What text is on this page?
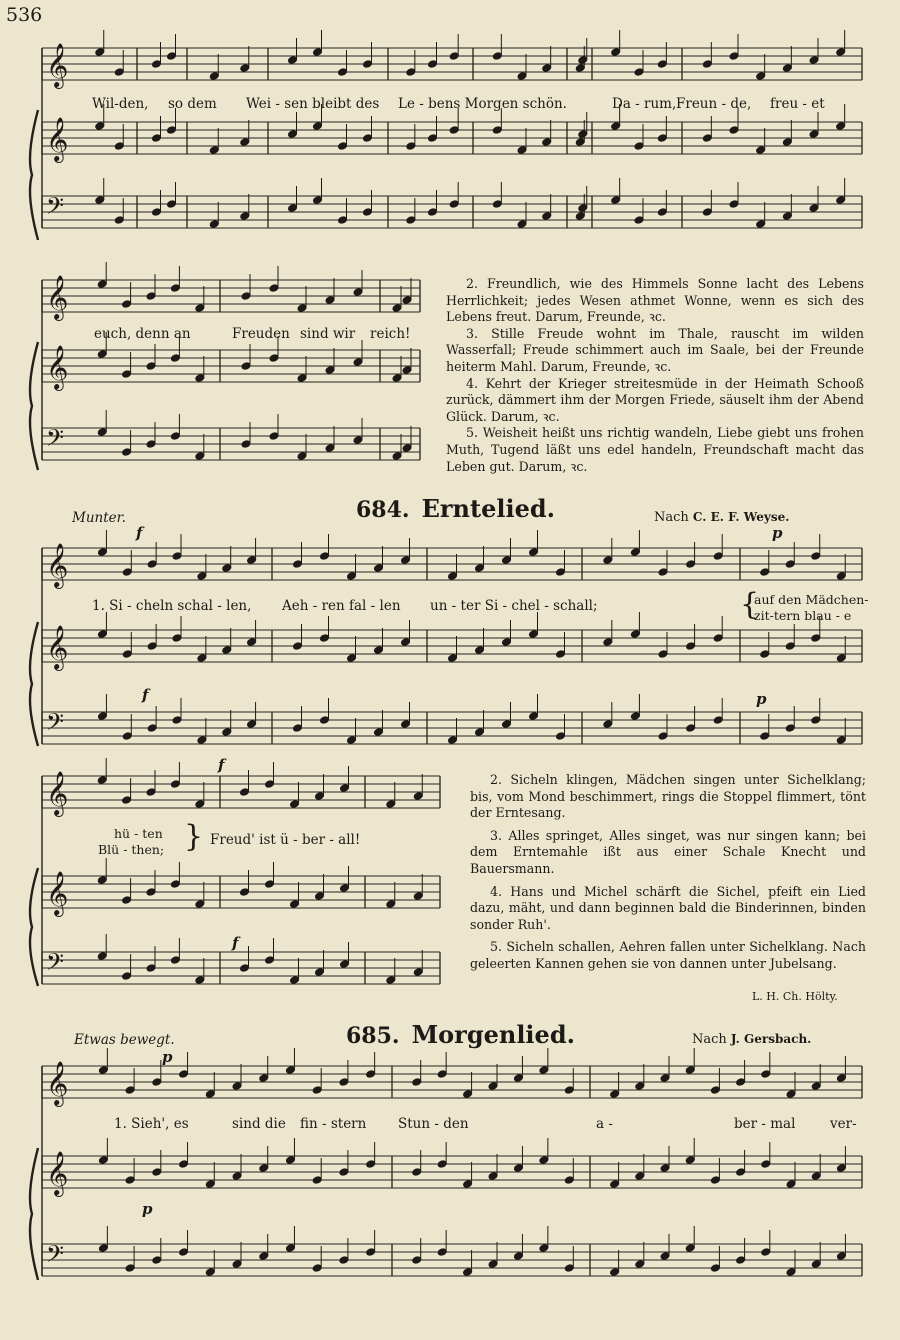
536
𝄞
𝄞
𝄢
𝄞
𝄞
𝄢
𝄞
𝄞
𝄢
𝄞
𝄞
𝄢
𝄞
𝄞
𝄢
Wil-den, so dem Wei - sen bleibt des Le - bens Morgen schön.	Da - rum, Freun - de, freu - et
euch, denn an	Freuden sind wir reich!

2. Freundlich, wie des Himmels Sonne lacht des Lebens Herrlichkeit; jedes Wesen athmet Wonne, wenn es sich des Lebens freut. Darum, Freunde, ꝛc.

3. Stille Freude wohnt im Thale, rauscht im wilden Wasserfall; Freude schimmert auch im Saale, bei der Freunde heiterm Mahl. Darum, Freunde, ꝛc.

4. Kehrt der Krieger streitesmüde in der Heimath Schooß zurück, dämmert ihm der Morgen Friede, säuselt ihm der Abend Glück. Darum, ꝛc.

5. Weisheit heißt uns richtig wandeln, Liebe giebt uns frohen Muth, Tugend läßt uns edel handeln, Freundschaft macht das Leben gut. Darum, ꝛc.

Munter.	684. Erntelied.	Nach C. E. F. Weyse.
f	p
f	p
f
f
1. Si - cheln schal - len, Aeh - ren fal - len un - ter Si - chel - schall;	{
auf den Mädchen-
zit-tern blau - e
hü - ten
Blü - then; } Freud' ist ü - ber - all!

2. Sicheln klingen, Mädchen singen unter Sichelklang; bis, vom Mond beschimmert, rings die Stoppel flimmert, tönt der Erntesang.

3. Alles springet, Alles singet, was nur singen kann; bei dem Erntemahle ißt aus einer Schale Knecht und Bauersmann.

4. Hans und Michel schärft die Sichel, pfeift ein Lied dazu, mäht, und dann beginnen bald die Binderinnen, binden sonder Ruh'.

5. Sicheln schallen, Aehren fallen unter Sichelklang. Nach geleerten Kannen gehen sie von dannen unter Jubelsang.

L. H. Ch. Hölty.
Etwas bewegt.	685. Morgenlied.	Nach J. Gersbach.
p
p
1. Sieh', es	sind die fin - stern Stun - den	a -	ber - mal	ver-
